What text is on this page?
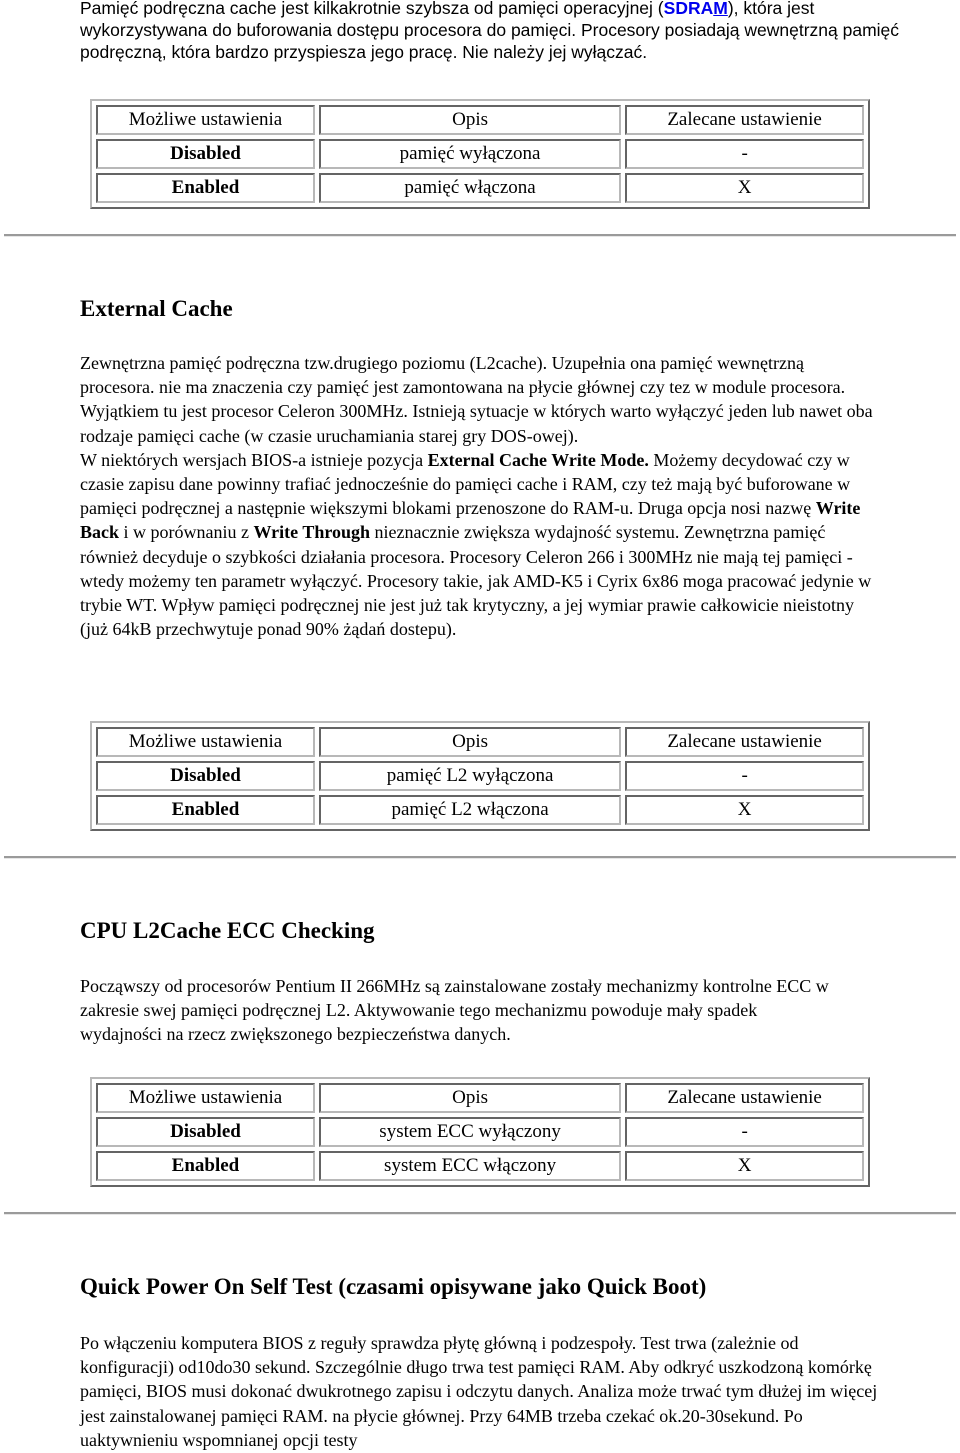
Pamięć podręczna cache jest kilkakrotnie szybsza od pamięci operacyjnej (SDRAM), która jest wykorzystywana do buforowania dostępu procesora do pamięci. Procesory posiadają wewnętrzną pamięć podręczną, która bardzo przyspiesza jego pracę. Nie należy jej wyłączać.
Możliwe ustawienia	Opis	Zalecane ustawienie
Disabled	pamięć wyłączona	-
Enabled	pamięć włączona	X
External Cache

Zewnętrzna pamięć podręczna tzw.drugiego poziomu (L2cache). Uzupełnia ona pamięć wewnętrzną procesora. nie ma znaczenia czy pamięć jest zamontowana na płycie głównej czy tez w module procesora. Wyjątkiem tu jest procesor Celeron 300MHz. Istnieją sytuacje w których warto wyłączyć jeden lub nawet oba rodzaje pamięci cache (w czasie uruchamiania starej gry DOS-owej).
W niektórych wersjach BIOS-a istnieje pozycja External Cache Write Mode. Możemy decydować czy w czasie zapisu dane powinny trafiać jednocześnie do pamięci cache i RAM, czy też mają być buforowane w pamięci podręcznej a następnie większymi blokami przenoszone do RAM-u. Druga opcja nosi nazwę Write Back i w porównaniu z Write Through nieznacznie zwiększa wydajność systemu. Zewnętrzna pamięć również decyduje o szybkości działania procesora. Procesory Celeron 266 i 300MHz nie mają tej pamięci - wtedy możemy ten parametr wyłączyć. Procesory takie, jak AMD-K5 i Cyrix 6x86 moga pracować jedynie w trybie WT. Wpływ pamięci podręcznej nie jest już tak krytyczny, a jej wymiar prawie całkowicie nieistotny (już 64kB przechwytuje ponad 90% żądań dostepu).

Możliwe ustawienia	Opis	Zalecane ustawienie
Disabled	pamięć L2 wyłączona	-
Enabled	pamięć L2 włączona	X
CPU L2Cache ECC Checking

Począwszy od procesorów Pentium II 266MHz są zainstalowane zostały mechanizmy kontrolne ECC w zakresie swej pamięci podręcznej L2. Aktywowanie tego mechanizmu powoduje mały spadek wydajności na rzecz zwiększonego bezpieczeństwa danych.

Możliwe ustawienia	Opis	Zalecane ustawienie
Disabled	system ECC wyłączony	-
Enabled	system ECC włączony	X
Quick Power On Self Test (czasami opisywane jako Quick Boot)

Po włączeniu komputera BIOS z reguły sprawdza płytę główną i podzespoły. Test trwa (zależnie od konfiguracji) od10do30 sekund. Szczególnie długo trwa test pamięci RAM. Aby odkryć uszkodzoną komórkę pamięci, BIOS musi dokonać dwukrotnego zapisu i odczytu danych. Analiza może trwać tym dłużej im więcej jest zainstalowanej pamięci RAM. na płycie głównej. Przy 64MB trzeba czekać ok.20-30sekund. Po uaktywnieniu wspomnianej opcji testy
